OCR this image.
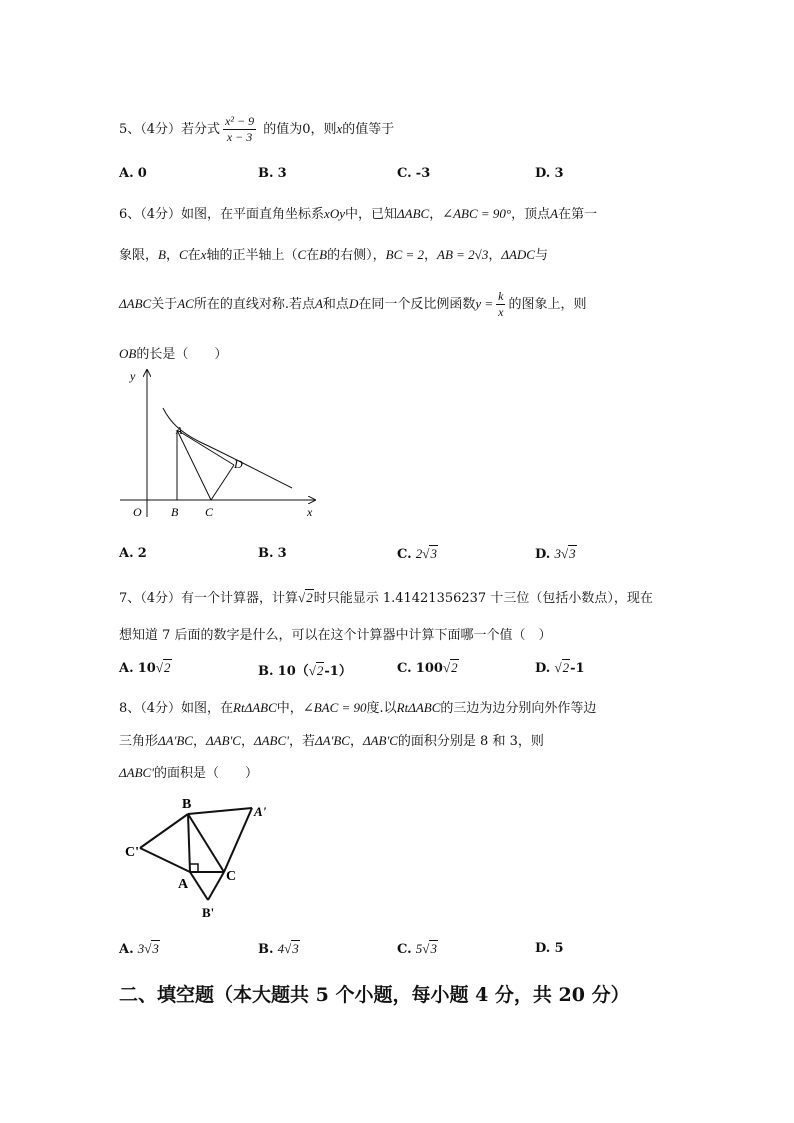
5、（4分）若分式 $\frac{\text{x² − 9}}{x - 3}$ 的值为0，则x的值等于
A. 0	B. 3	C. -3	D. 3
6、（4分）如图，在平面直角坐标系xOy中，已知ΔABC，∠ABC = 90°，顶点A在第一
象限，B，C在x轴的正半轴上（C在B的右侧），BC = 2，AB = 2√3，ΔADC与
ΔABC关于AC所在的直线对称.若点A和点D在同一个反比例函数$y = \frac{k}{x}$ 的图象上，则
OB的长是（　　）
y
x
O
A
B C
D
A. 2	B. 3	C. 2√3	D. 3√3
7、（4分）有一个计算器，计算√2时只能显示 1.41421356237 十三位（包括小数点），现在
想知道 7 后面的数字是什么，可以在这个计算器中计算下面哪一个值（　）
A. 10√2	B. 10（√2-1）	C. 100√2	D. √2-1
8、（4分）如图，在RtΔABC中，∠BAC = 90度.以RtΔABC的三边为边分别向外作等边
三角形ΔA'BC，ΔAB'C，ΔABC'，若ΔA'BC，ΔAB'C的面积分别是 8 和 3，则
ΔABC'的面积是（　　）
B	A'
C'
A
C
B'
A. 3√3	B. 4√3	C. 5√3	D. 5
二、填空题（本大题共 5 个小题，每小题 4 分，共 20 分）
